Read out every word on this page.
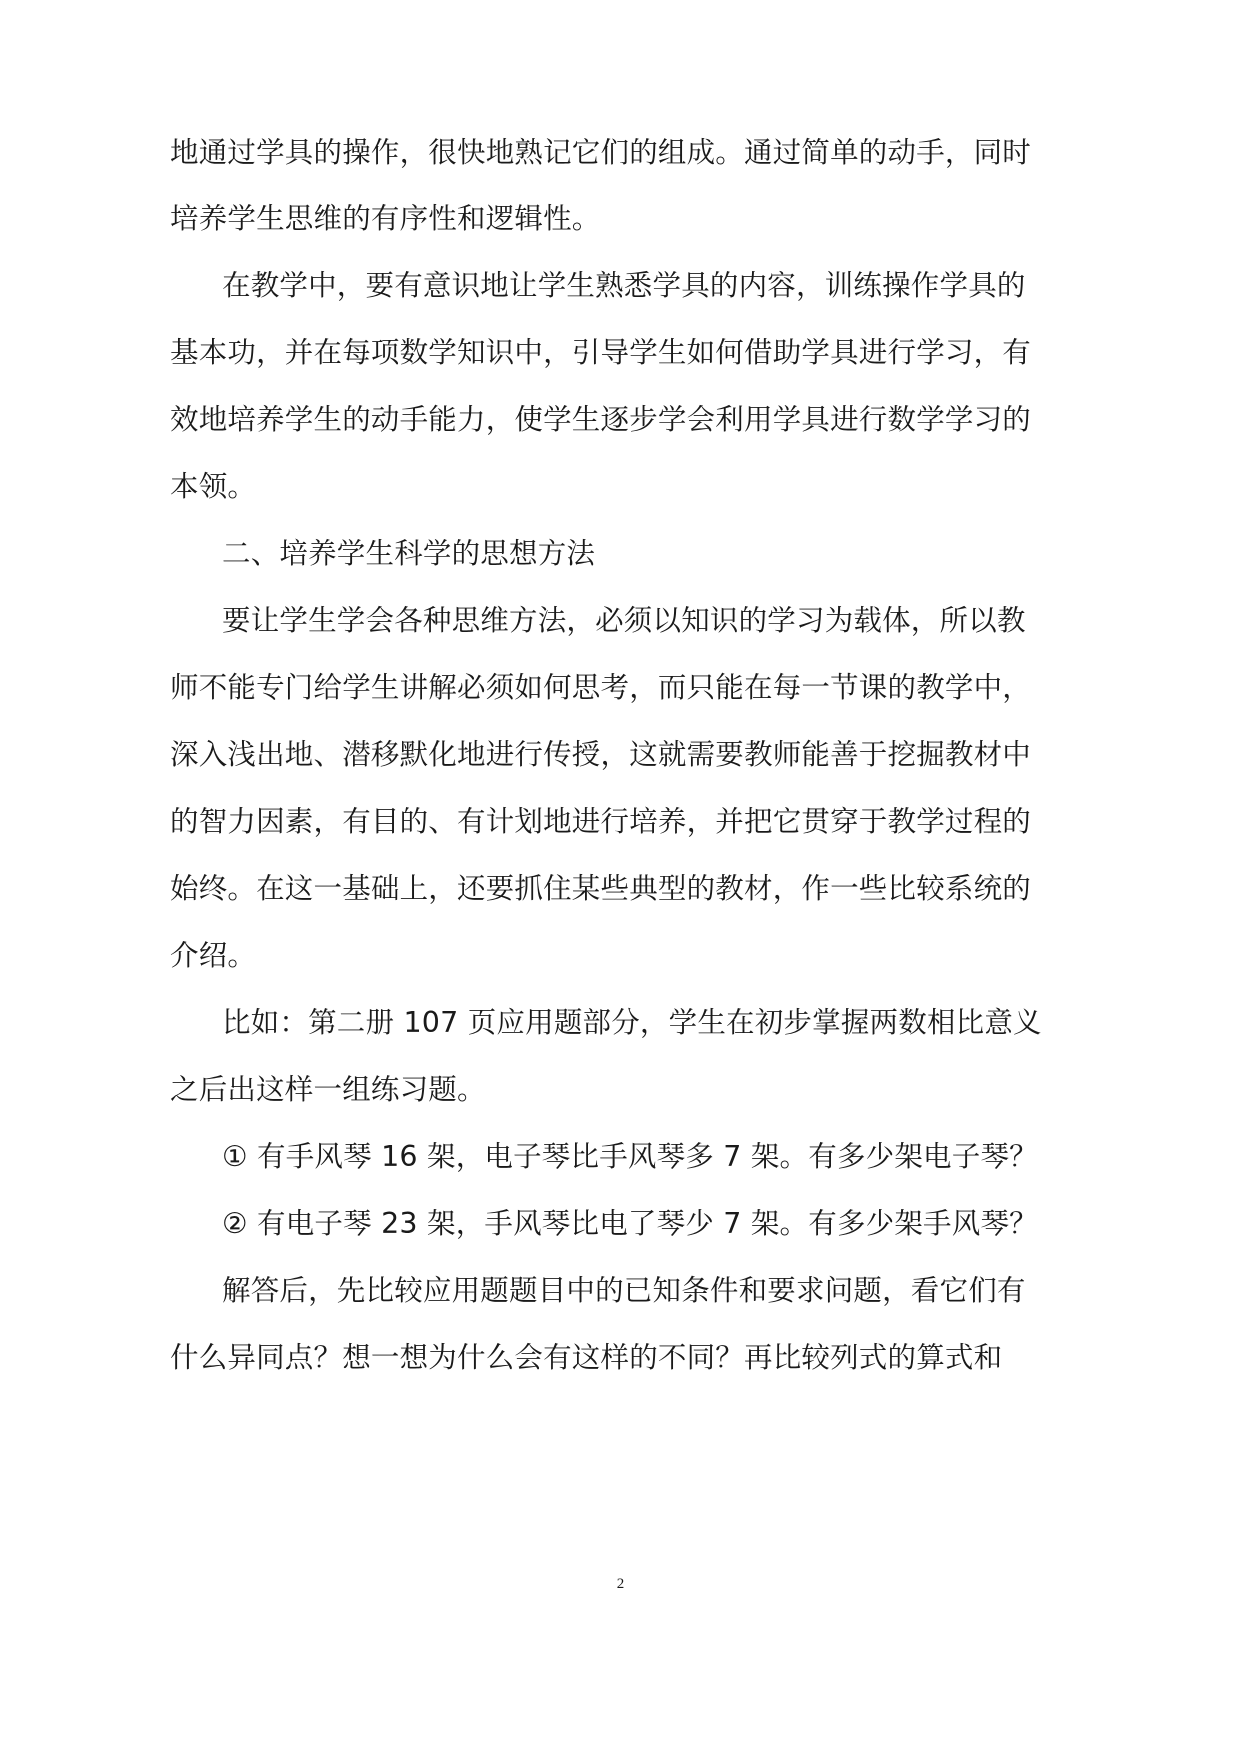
地通过学具的操作，很快地熟记它们的组成。通过简单的动手，同时
培养学生思维的有序性和逻辑性。
在教学中，要有意识地让学生熟悉学具的内容，训练操作学具的
基本功，并在每项数学知识中，引导学生如何借助学具进行学习，有
效地培养学生的动手能力，使学生逐步学会利用学具进行数学学习的
本领。
二、培养学生科学的思想方法
要让学生学会各种思维方法，必须以知识的学习为载体，所以教
师不能专门给学生讲解必须如何思考，而只能在每一节课的教学中，
深入浅出地、潜移默化地进行传授，这就需要教师能善于挖掘教材中
的智力因素，有目的、有计划地进行培养，并把它贯穿于教学过程的
始终。在这一基础上，还要抓住某些典型的教材，作一些比较系统的
介绍。
比如：第二册 107 页应用题部分，学生在初步掌握两数相比意义
之后出这样一组练习题。
① 有手风琴 16 架，电子琴比手风琴多 7 架。有多少架电子琴？
② 有电子琴 23 架，手风琴比电了琴少 7 架。有多少架手风琴？
解答后，先比较应用题题目中的已知条件和要求问题，看它们有
什么异同点？想一想为什么会有这样的不同？再比较列式的算式和
2
